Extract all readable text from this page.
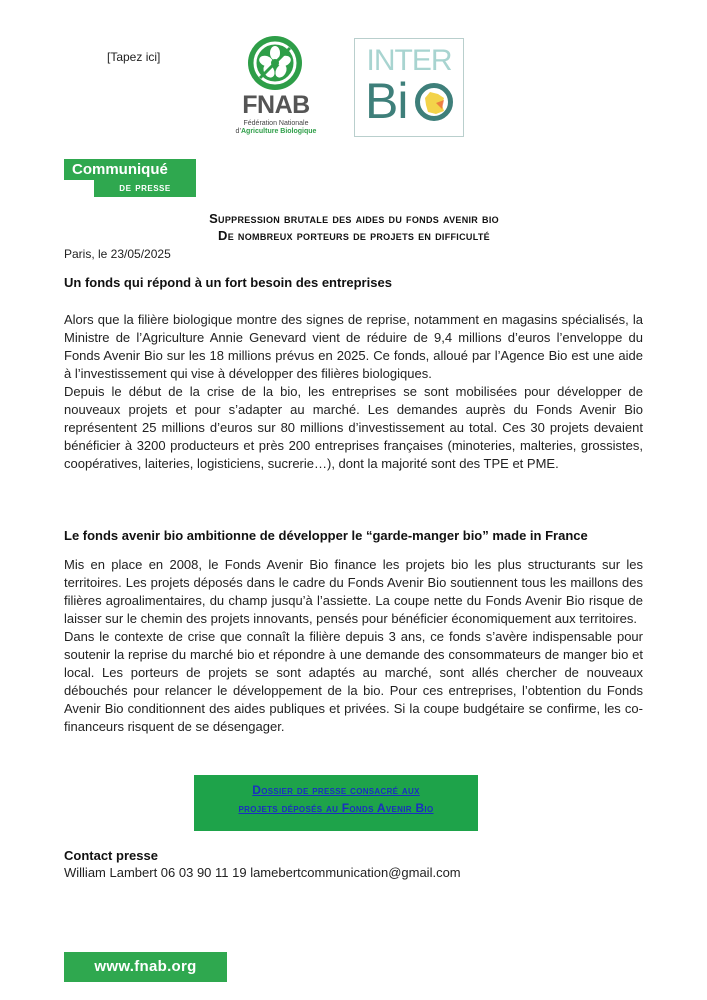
[Tapez ici]
FNAB
Fédération Nationale
d’Agriculture Biologique
INTER
Bi
Communiqué
de presse
Suppression brutale des aides du fonds avenir bio
De nombreux porteurs de projets en difficulté
Paris, le 23/05/2025
Un fonds qui répond à un fort besoin des entreprises

Alors que la filière biologique montre des signes de reprise, notamment en magasins spécialisés, la Ministre de l’Agriculture Annie Genevard vient de réduire de 9,4 millions d’euros l’enveloppe du Fonds Avenir Bio sur les 18 millions prévus en 2025. Ce fonds, alloué par l’Agence Bio est une aide à l’investissement qui vise à développer des filières biologiques.

Depuis le début de la crise de la bio, les entreprises se sont mobilisées pour développer de nouveaux projets et pour s’adapter au marché. Les demandes auprès du Fonds Avenir Bio représentent 25 millions d’euros sur 80 millions d’investissement au total. Ces 30 projets devaient bénéficier à 3200 producteurs et près 200 entreprises françaises (minoteries, malteries, grossistes, coopératives, laiteries, logisticiens, sucrerie…), dont la majorité sont des TPE et PME.

Le fonds avenir bio ambitionne de développer le “garde-manger bio” made in France

Mis en place en 2008, le Fonds Avenir Bio finance les projets bio les plus structurants sur les territoires. Les projets déposés dans le cadre du Fonds Avenir Bio soutiennent tous les maillons des filières agroalimentaires, du champ jusqu’à l’assiette. La coupe nette du Fonds Avenir Bio risque de laisser sur le chemin des projets innovants, pensés pour bénéficier économiquement aux territoires.

Dans le contexte de crise que connaît la filière depuis 3 ans, ce fonds s’avère indispensable pour soutenir la reprise du marché bio et répondre à une demande des consommateurs de manger bio et local. Les porteurs de projets se sont adaptés au marché, sont allés chercher de nouveaux débouchés pour relancer le développement de la bio. Pour ces entreprises, l’obtention du Fonds Avenir Bio conditionnent des aides publiques et privées. Si la coupe budgétaire se confirme, les co-financeurs risquent de se désengager.

Dossier de presse consacré aux
projets déposés au Fonds Avenir Bio
Contact presse
William Lambert 06 03 90 11 19 lamebertcommunication@gmail.com
www.fnab.org
